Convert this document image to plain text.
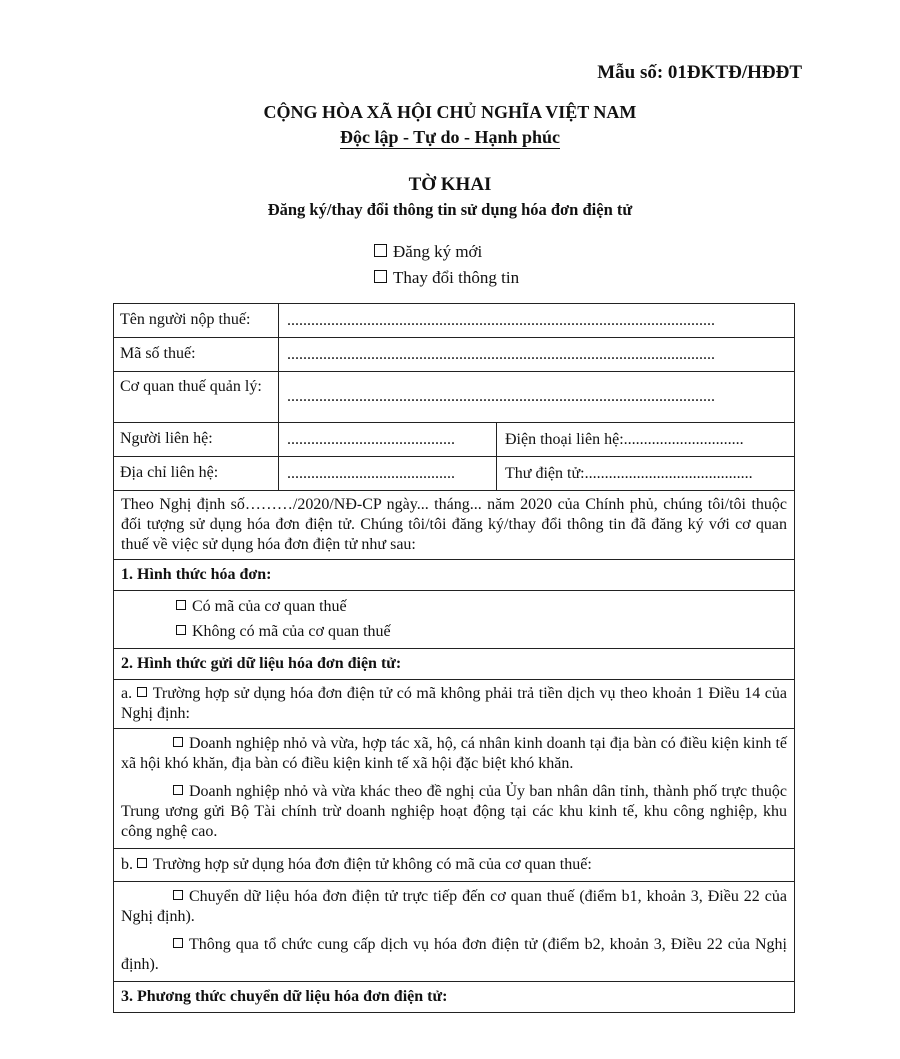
Mẫu số: 01ĐKTĐ/HĐĐT
CỘNG HÒA XÃ HỘI CHỦ NGHĨA VIỆT NAM
Độc lập - Tự do - Hạnh phúc
TỜ KHAI
Đăng ký/thay đổi thông tin sử dụng hóa đơn điện tử
Đăng ký mới
Thay đổi thông tin
Tên người nộp thuế:	...........................................................................................................
Mã số thuế:	...........................................................................................................
Cơ quan thuế quản lý:
...........................................................................................................
Người liên hệ:	..........................................	Điện thoại liên hệ: ..............................
Địa chỉ liên hệ:	..........................................	Thư điện tử: ..........................................
Theo Nghị định số………/2020/NĐ-CP ngày... tháng... năm 2020 của Chính phủ, chúng tôi/tôi thuộc đối tượng sử dụng hóa đơn điện tử. Chúng tôi/tôi đăng ký/thay đổi thông tin đã đăng ký với cơ quan thuế về việc sử dụng hóa đơn điện tử như sau:
1. Hình thức hóa đơn:
Có mã của cơ quan thuế
Không có mã của cơ quan thuế
2. Hình thức gửi dữ liệu hóa đơn điện tử:
a. Trường hợp sử dụng hóa đơn điện tử có mã không phải trả tiền dịch vụ theo khoản 1 Điều 14 của Nghị định:
Doanh nghiệp nhỏ và vừa, hợp tác xã, hộ, cá nhân kinh doanh tại địa bàn có điều kiện kinh tế xã hội khó khăn, địa bàn có điều kiện kinh tế xã hội đặc biệt khó khăn.
Doanh nghiệp nhỏ và vừa khác theo đề nghị của Ủy ban nhân dân tỉnh, thành phố trực thuộc Trung ương gửi Bộ Tài chính trừ doanh nghiệp hoạt động tại các khu kinh tế, khu công nghiệp, khu công nghệ cao.
b. Trường hợp sử dụng hóa đơn điện tử không có mã của cơ quan thuế:
Chuyển dữ liệu hóa đơn điện tử trực tiếp đến cơ quan thuế (điểm b1, khoản 3, Điều 22 của Nghị định).
Thông qua tổ chức cung cấp dịch vụ hóa đơn điện tử (điểm b2, khoản 3, Điều 22 của Nghị định).
3. Phương thức chuyển dữ liệu hóa đơn điện tử:
